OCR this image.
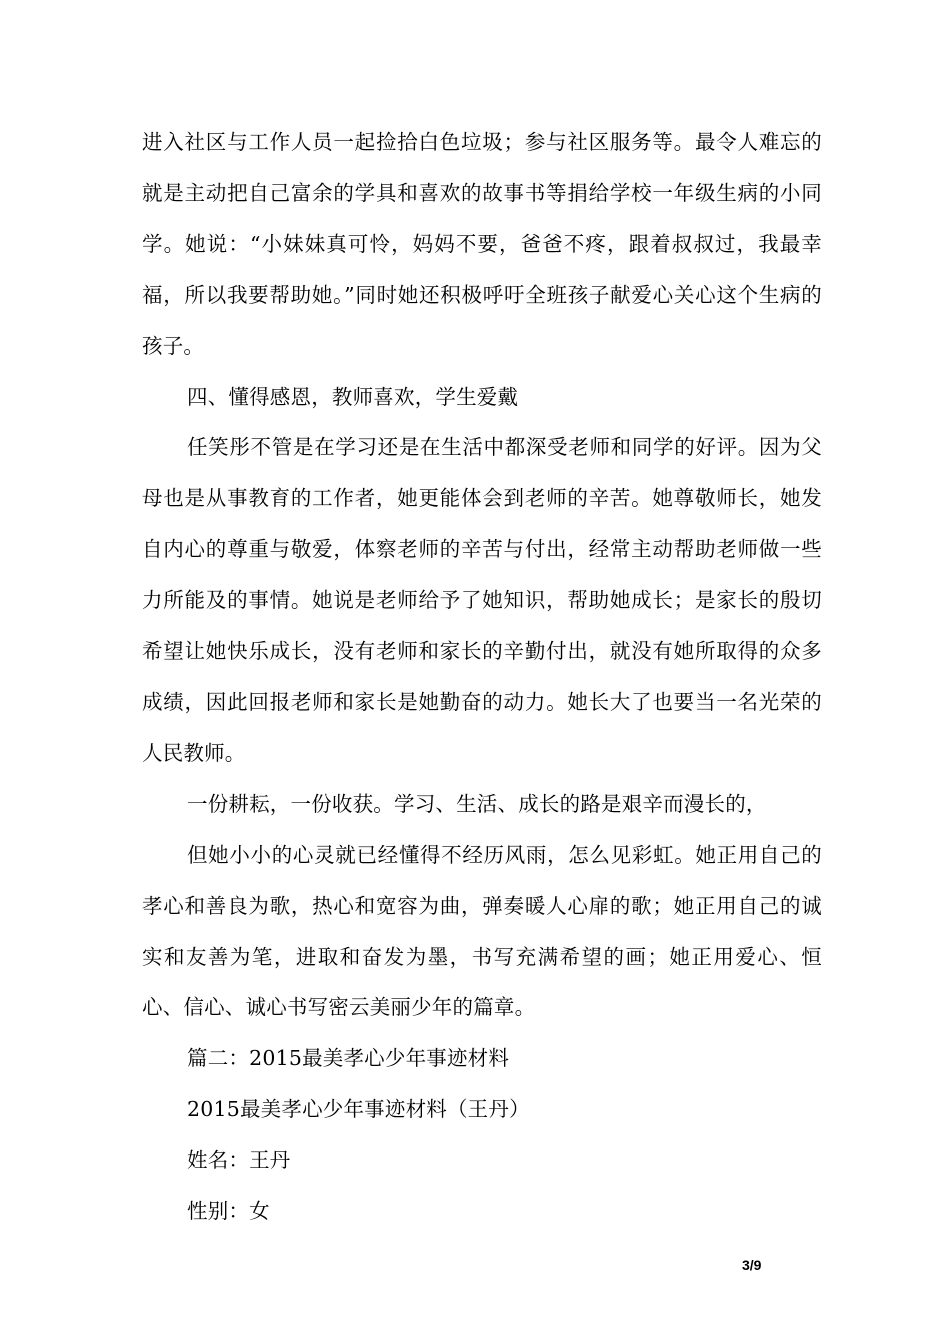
进入社区与工作人员一起捡拾白色垃圾；参与社区服务等。最令人难忘的就是主动把自己富余的学具和喜欢的故事书等捐给学校一年级生病的小同学。她说：“小妹妹真可怜，妈妈不要，爸爸不疼，跟着叔叔过，我最幸福，所以我要帮助她。”同时她还积极呼吁全班孩子献爱心关心这个生病的孩子。

四、懂得感恩，教师喜欢，学生爱戴

任笑彤不管是在学习还是在生活中都深受老师和同学的好评。因为父母也是从事教育的工作者，她更能体会到老师的辛苦。她尊敬师长，她发自内心的尊重与敬爱，体察老师的辛苦与付出，经常主动帮助老师做一些力所能及的事情。她说是老师给予了她知识，帮助她成长；是家长的殷切希望让她快乐成长，没有老师和家长的辛勤付出，就没有她所取得的众多成绩，因此回报老师和家长是她勤奋的动力。她长大了也要当一名光荣的人民教师。

一份耕耘，一份收获。学习、生活、成长的路是艰辛而漫长的，

但她小小的心灵就已经懂得不经历风雨，怎么见彩虹。她正用自己的孝心和善良为歌，热心和宽容为曲，弹奏暖人心扉的歌；她正用自己的诚实和友善为笔，进取和奋发为墨，书写充满希望的画；她正用爱心、恒心、信心、诚心书写密云美丽少年的篇章。

篇二：2015最美孝心少年事迹材料

2015最美孝心少年事迹材料（王丹）

姓名：王丹

性别：女

3/9
